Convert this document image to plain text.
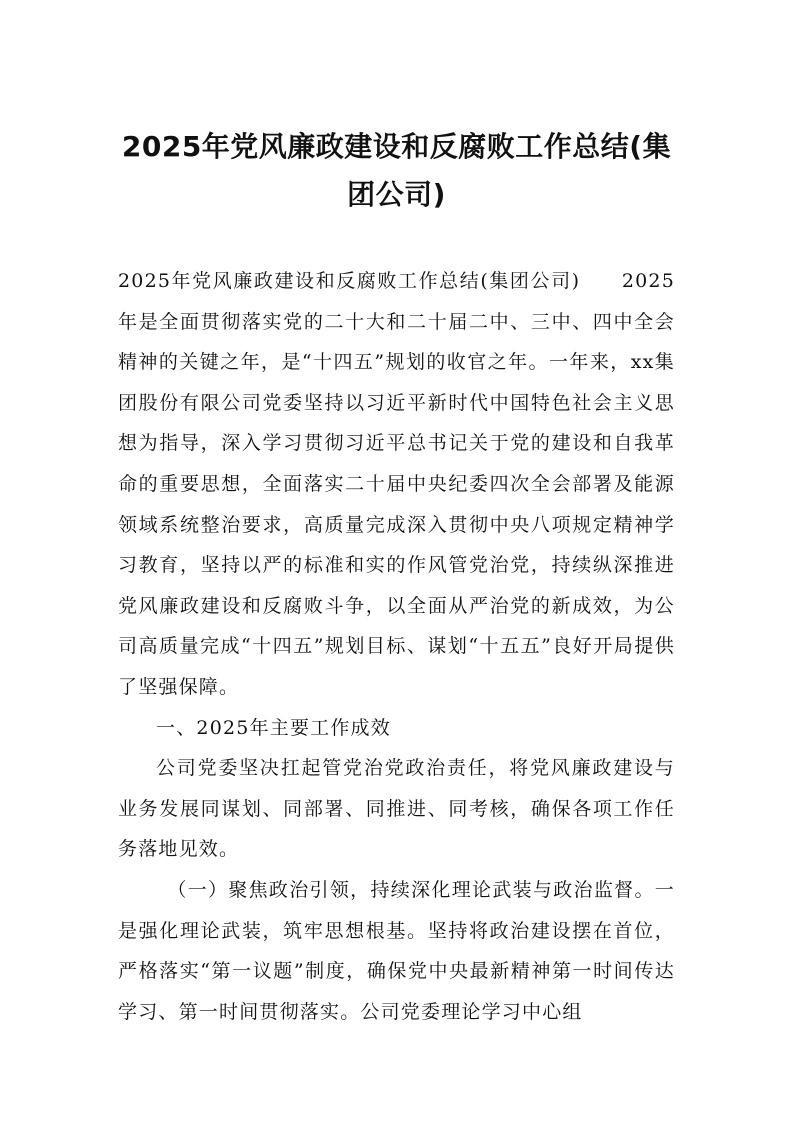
2025年党风廉政建设和反腐败工作总结(集团公司)

2025年党风廉政建设和反腐败工作总结(集团公司)　　2025年是全面贯彻落实党的二十大和二十届二中、三中、四中全会精神的关键之年，是“十四五”规划的收官之年。一年来，xx集团股份有限公司党委坚持以习近平新时代中国特色社会主义思想为指导，深入学习贯彻习近平总书记关于党的建设和自我革命的重要思想，全面落实二十届中央纪委四次全会部署及能源领域系统整治要求，高质量完成深入贯彻中央八项规定精神学习教育，坚持以严的标准和实的作风管党治党，持续纵深推进党风廉政建设和反腐败斗争，以全面从严治党的新成效，为公司高质量完成“十四五”规划目标、谋划“十五五”良好开局提供了坚强保障。

一、2025年主要工作成效

公司党委坚决扛起管党治党政治责任，将党风廉政建设与业务发展同谋划、同部署、同推进、同考核，确保各项工作任务落地见效。

（一）聚焦政治引领，持续深化理论武装与政治监督。一是强化理论武装，筑牢思想根基。坚持将政治建设摆在首位，严格落实“第一议题”制度，确保党中央最新精神第一时间传达学习、第一时间贯彻落实。公司党委理论学习中心组
